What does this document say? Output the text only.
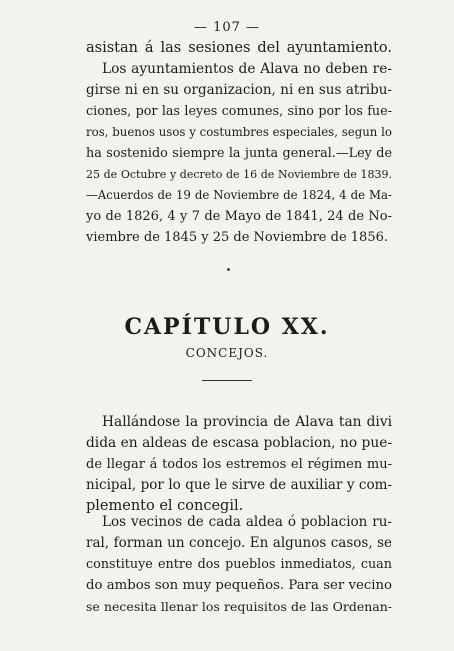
— 107 —
asistan á las sesiones del ayuntamiento.
Los ayuntamientos de Alava no deben re-
girse ni en su organizacion, ni en sus atribu-
ciones, por las leyes comunes, sino por los fue-
ros, buenos usos y costumbres especiales, segun lo
ha sostenido siempre la junta general.—Ley de
25 de Octubre y decreto de 16 de Noviembre de 1839.
—Acuerdos de 19 de Noviembre de 1824, 4 de Ma-
yo de 1826, 4 y 7 de Mayo de 1841, 24 de No-
viembre de 1845 y 25 de Noviembre de 1856.
CAPÍTULO XX.
CONCEJOS.
Hallándose la provincia de Alava tan divi
dida en aldeas de escasa poblacion, no pue-
de llegar á todos los estremos el régimen mu-
nicipal, por lo que le sirve de auxiliar y com-
plemento el concegil.
Los vecinos de cada aldea ó poblacion ru-
ral, forman un concejo. En algunos casos, se
constituye entre dos pueblos inmediatos, cuan
do ambos son muy pequeños. Para ser vecino
se necesita llenar los requisitos de las Ordenan-
